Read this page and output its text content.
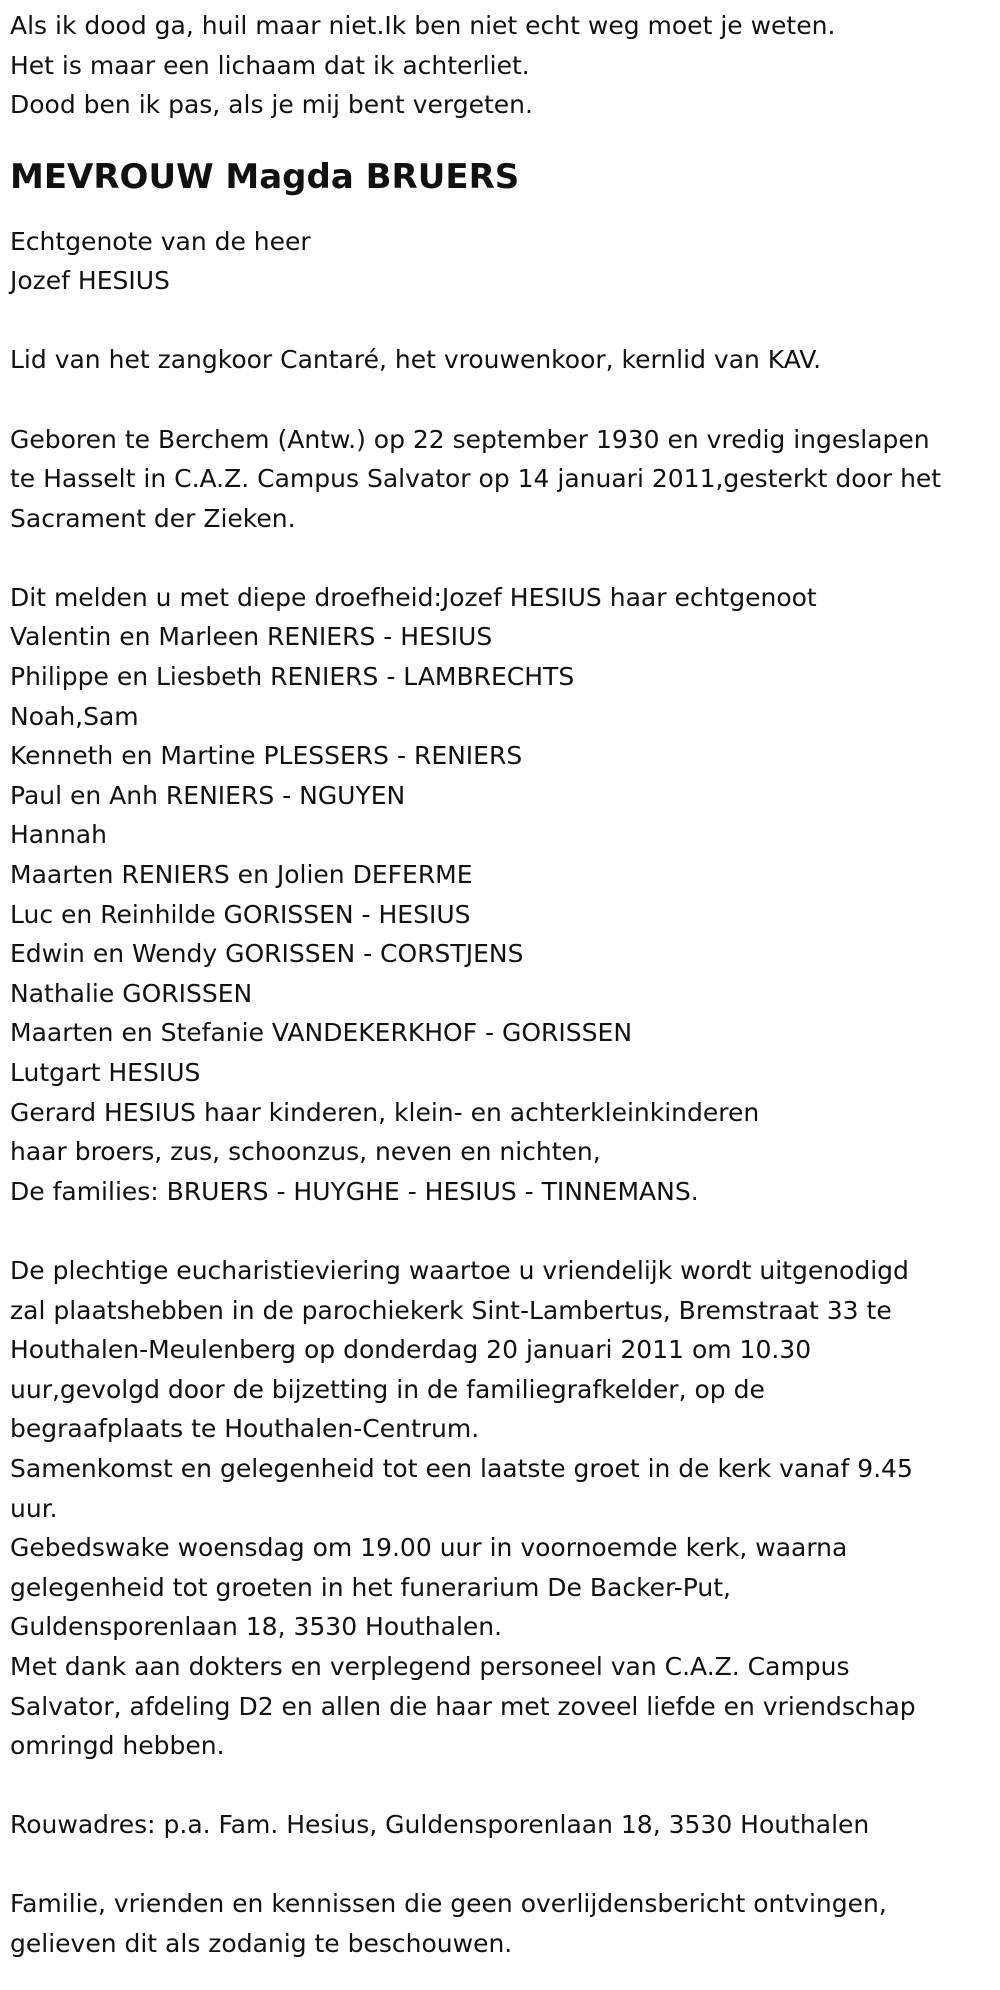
Als ik dood ga, huil maar niet.Ik ben niet echt weg moet je weten.

Het is maar een lichaam dat ik achterliet.

Dood ben ik pas, als je mij bent vergeten.

MEVROUW Magda BRUERS

Echtgenote van de heer

Jozef HESIUS

Lid van het zangkoor Cantaré, het vrouwenkoor, kernlid van KAV.

Geboren te Berchem (Antw.) op 22 september 1930 en vredig ingeslapen

te Hasselt in C.A.Z. Campus Salvator op 14 januari 2011,gesterkt door het

Sacrament der Zieken.

Dit melden u met diepe droefheid:Jozef HESIUS haar echtgenoot

Valentin en Marleen RENIERS - HESIUS

Philippe en Liesbeth RENIERS - LAMBRECHTS

Noah,Sam

Kenneth en Martine PLESSERS - RENIERS

Paul en Anh RENIERS - NGUYEN

Hannah

Maarten RENIERS en Jolien DEFERME

Luc en Reinhilde GORISSEN - HESIUS

Edwin en Wendy GORISSEN - CORSTJENS

Nathalie GORISSEN

Maarten en Stefanie VANDEKERKHOF - GORISSEN

Lutgart HESIUS

Gerard HESIUS haar kinderen, klein- en achterkleinkinderen

haar broers, zus, schoonzus, neven en nichten,

De families: BRUERS - HUYGHE - HESIUS - TINNEMANS.

De plechtige eucharistieviering waartoe u vriendelijk wordt uitgenodigd

zal plaatshebben in de parochiekerk Sint-Lambertus, Bremstraat 33 te

Houthalen-Meulenberg op donderdag 20 januari 2011 om 10.30

uur,gevolgd door de bijzetting in de familiegrafkelder, op de

begraafplaats te Houthalen-Centrum.

Samenkomst en gelegenheid tot een laatste groet in de kerk vanaf 9.45

uur.

Gebedswake woensdag om 19.00 uur in voornoemde kerk, waarna

gelegenheid tot groeten in het funerarium De Backer-Put,

Guldensporenlaan 18, 3530 Houthalen.

Met dank aan dokters en verplegend personeel van C.A.Z. Campus

Salvator, afdeling D2 en allen die haar met zoveel liefde en vriendschap

omringd hebben.

Rouwadres: p.a. Fam. Hesius, Guldensporenlaan 18, 3530 Houthalen

Familie, vrienden en kennissen die geen overlijdensbericht ontvingen,

gelieven dit als zodanig te beschouwen.
